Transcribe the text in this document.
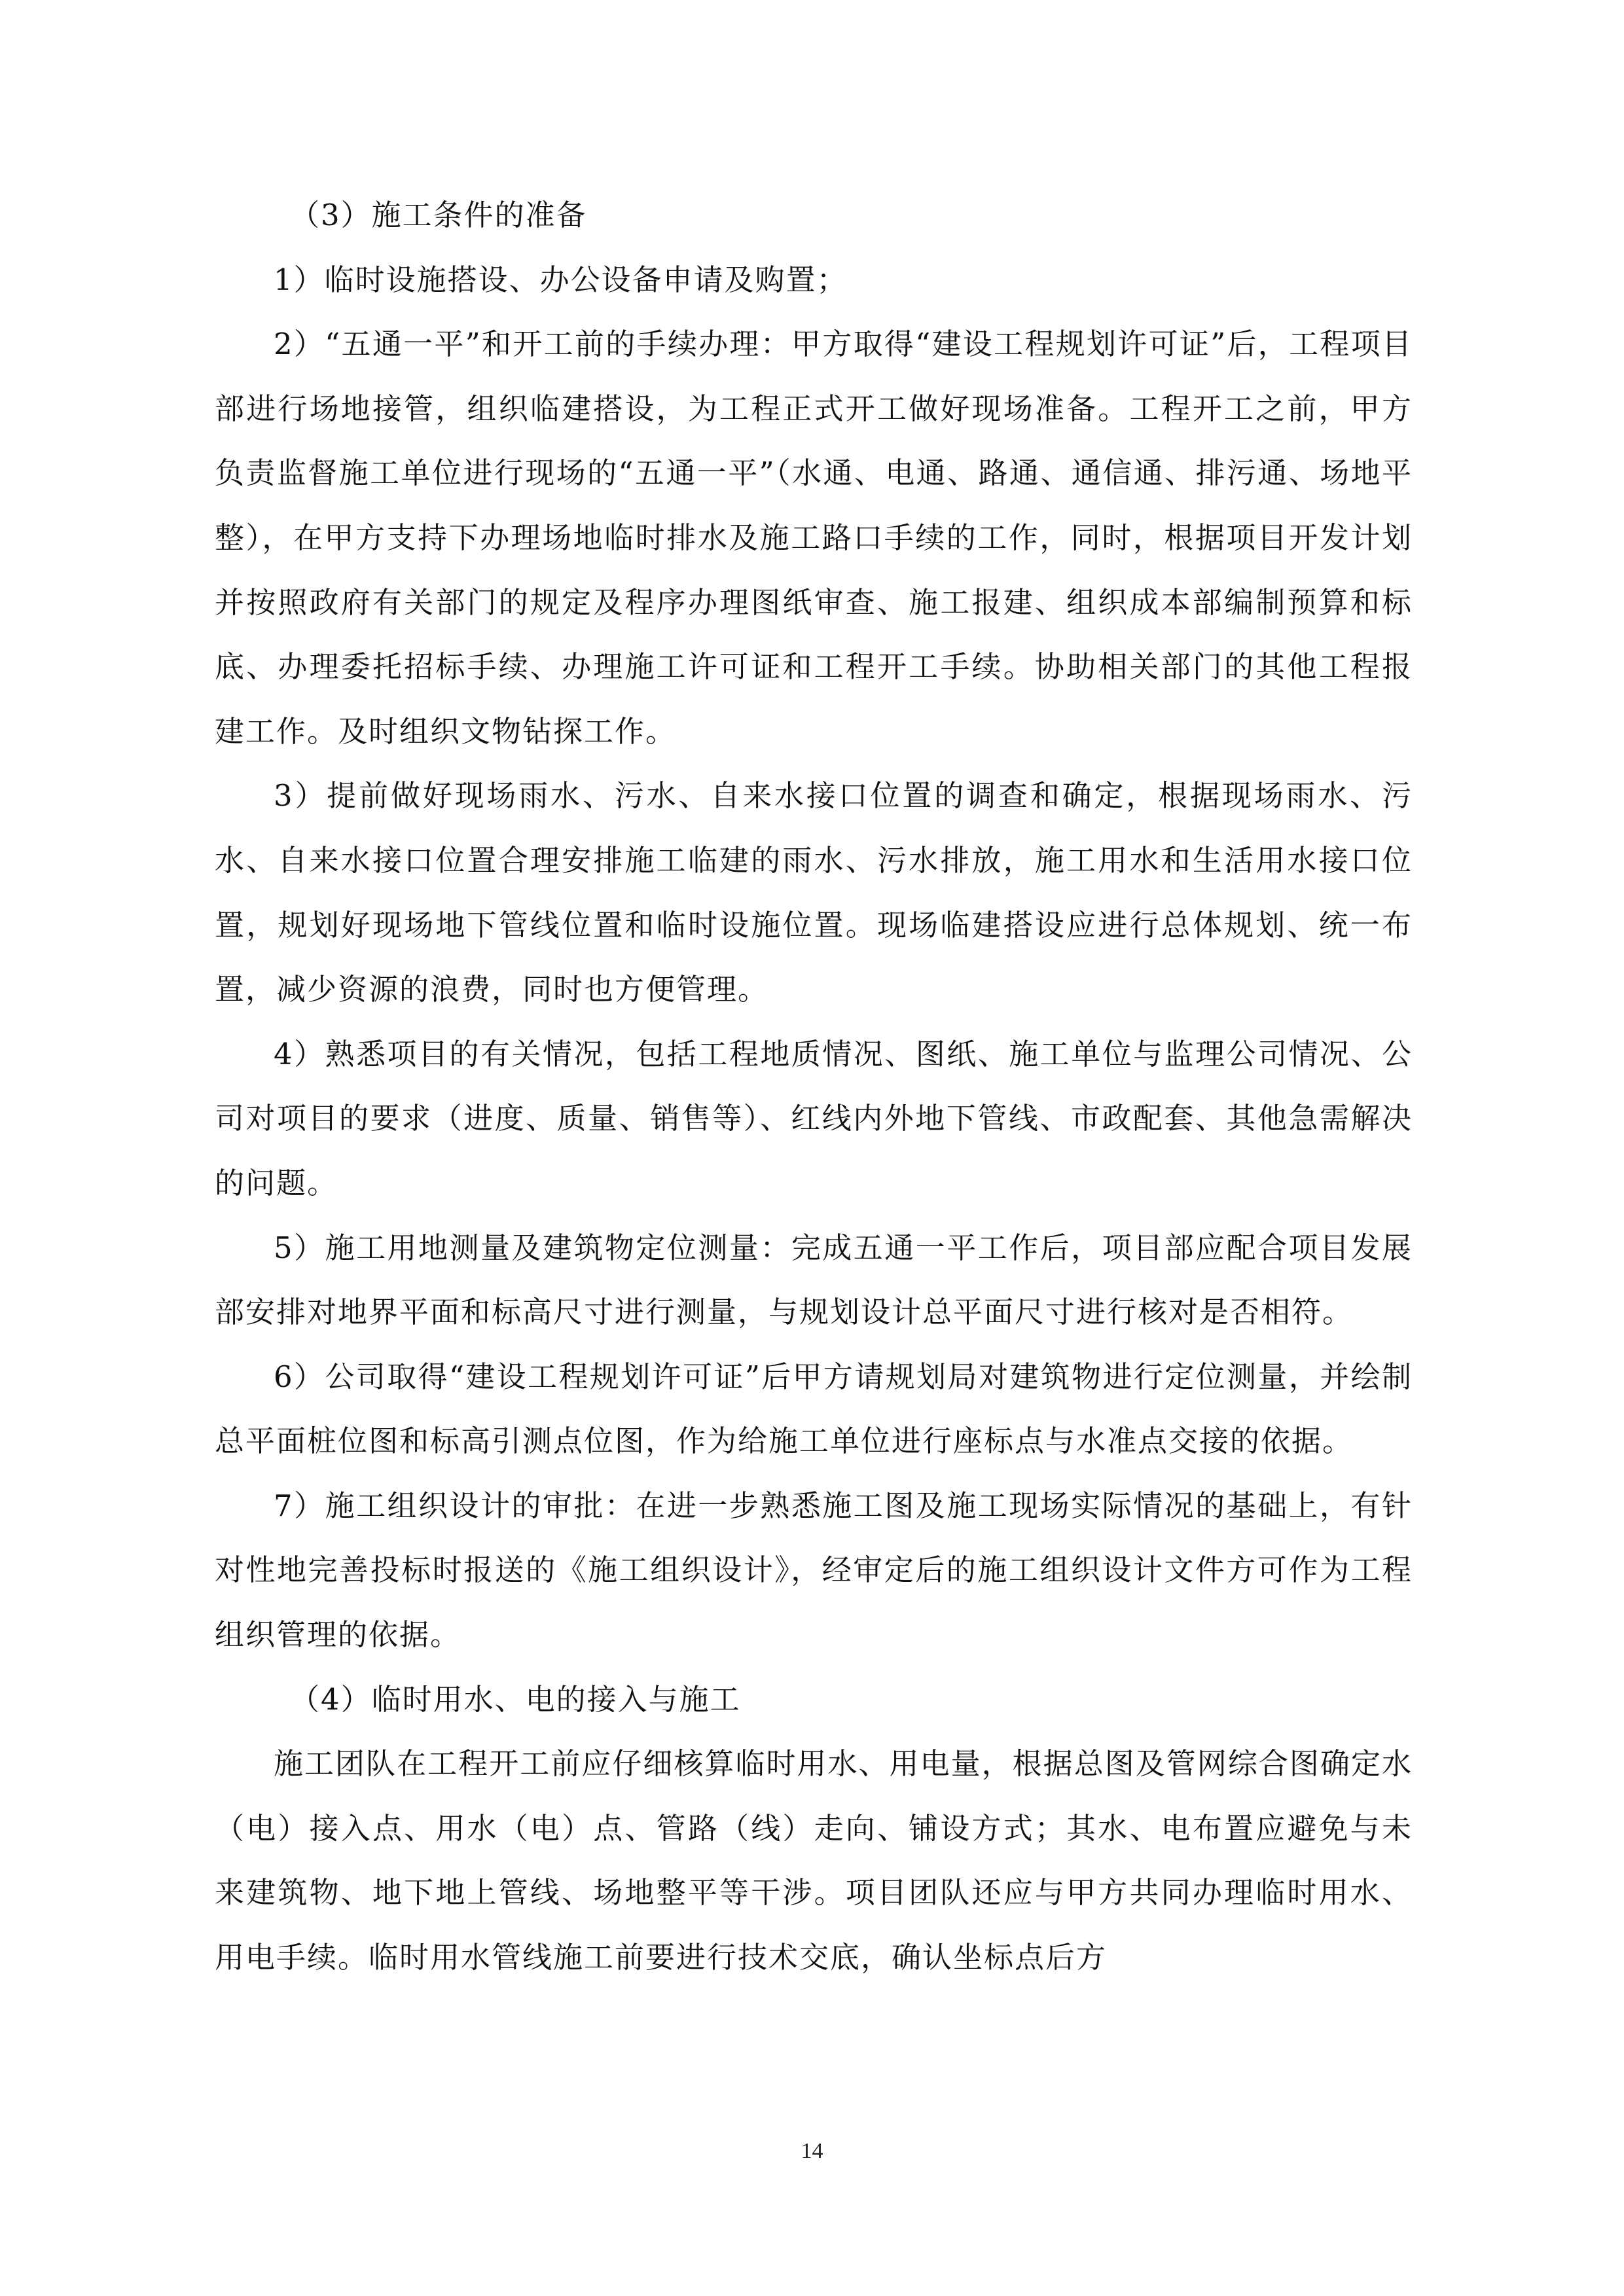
（3）施工条件的准备

1）临时设施搭设、办公设备申请及购置；

2）“五通一平”和开工前的手续办理：甲方取得“建设工程规划许可证”后，工程项目部进行场地接管，组织临建搭设，为工程正式开工做好现场准备。工程开工之前，甲方负责监督施工单位进行现场的“五通一平”（水通、电通、路通、通信通、排污通、场地平整），在甲方支持下办理场地临时排水及施工路口手续的工作，同时，根据项目开发计划并按照政府有关部门的规定及程序办理图纸审查、施工报建、组织成本部编制预算和标底、办理委托招标手续、办理施工许可证和工程开工手续。协助相关部门的其他工程报建工作。及时组织文物钻探工作。

3）提前做好现场雨水、污水、自来水接口位置的调查和确定，根据现场雨水、污水、自来水接口位置合理安排施工临建的雨水、污水排放，施工用水和生活用水接口位置，规划好现场地下管线位置和临时设施位置。现场临建搭设应进行总体规划、统一布置，减少资源的浪费，同时也方便管理。

4）熟悉项目的有关情况，包括工程地质情况、图纸、施工单位与监理公司情况、公司对项目的要求（进度、质量、销售等）、红线内外地下管线、市政配套、其他急需解决的问题。

5）施工用地测量及建筑物定位测量：完成五通一平工作后，项目部应配合项目发展部安排对地界平面和标高尺寸进行测量，与规划设计总平面尺寸进行核对是否相符。

6）公司取得“建设工程规划许可证”后甲方请规划局对建筑物进行定位测量，并绘制总平面桩位图和标高引测点位图，作为给施工单位进行座标点与水准点交接的依据。

7）施工组织设计的审批：在进一步熟悉施工图及施工现场实际情况的基础上，有针对性地完善投标时报送的《施工组织设计》，经审定后的施工组织设计文件方可作为工程组织管理的依据。

（4）临时用水、电的接入与施工

施工团队在工程开工前应仔细核算临时用水、用电量，根据总图及管网综合图确定水（电）接入点、用水（电）点、管路（线）走向、铺设方式；其水、电布置应避免与未来建筑物、地下地上管线、场地整平等干涉。项目团队还应与甲方共同办理临时用水、用电手续。临时用水管线施工前要进行技术交底，确认坐标点后方

14
